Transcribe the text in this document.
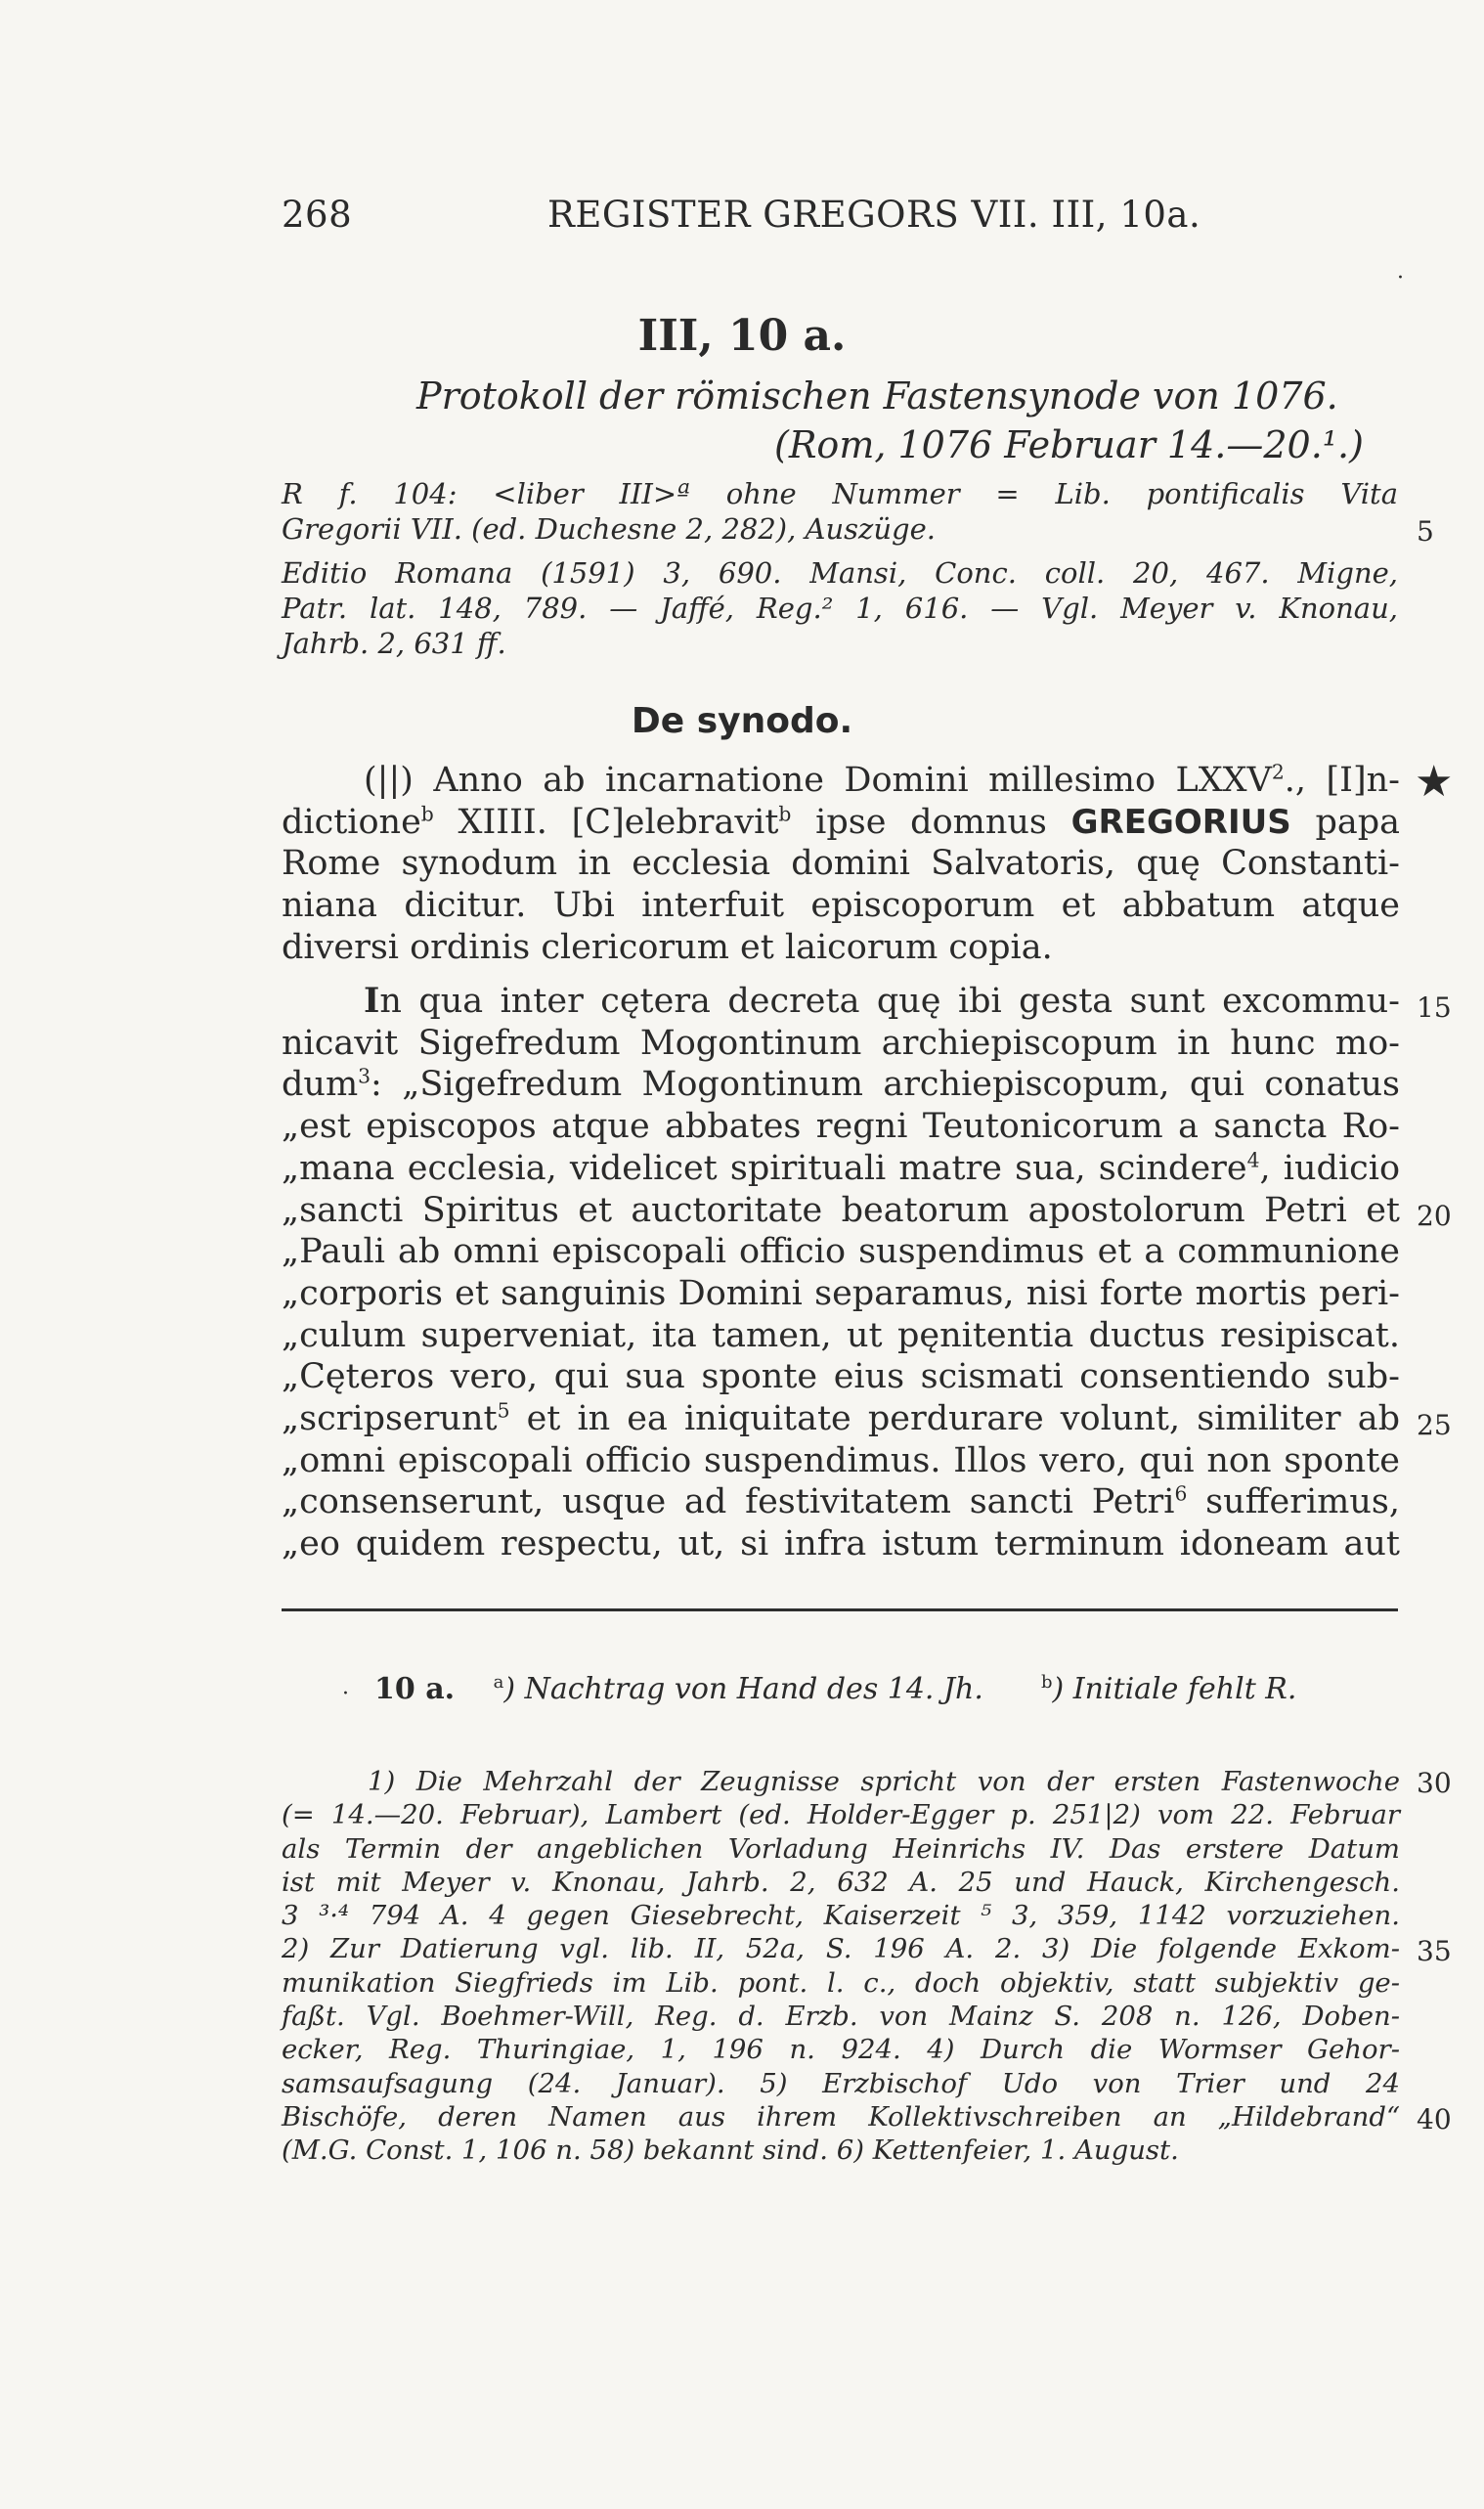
268	REGISTER GREGORS VII. III, 10a.
·
III, 10 a.
Protokoll der römischen Fastensynode von 1076.
(Rom, 1076 Februar 14.—20.¹.)
R f. 104: <liber III>ª ohne Nummer = Lib. pontificalis Vita
Gregorii VII. (ed. Duchesne 2, 282), Auszüge.
Editio Romana (1591) 3, 690. Mansi, Conc. coll. 20, 467. Migne,
Patr. lat. 148, 789. — Jaffé, Reg.² 1, 616. — Vgl. Meyer v. Knonau,
Jahrb. 2, 631 ff.
De synodo.
(||) Anno ab incarnatione Domini millesimo LXXV$^2$., [I]n-
dictione$^b$ XIIII. [C]elebravit$^b$ ipse domnus GREGORIUS papa
Rome synodum in ecclesia domini Salvatoris, quę Constanti-
niana dicitur. Ubi interfuit episcoporum et abbatum atque
diversi ordinis clericorum et laicorum copia.
In qua inter cętera decreta quę ibi gesta sunt excommu-
nicavit Sigefredum Mogontinum archiepiscopum in hunc mo-
dum$^3$: „Sigefredum Mogontinum archiepiscopum, qui conatus
„est episcopos atque abbates regni Teutonicorum a sancta Ro-
„mana ecclesia, videlicet spirituali matre sua, scindere$^4$, iudicio
„sancti Spiritus et auctoritate beatorum apostolorum Petri et
„Pauli ab omni episcopali officio suspendimus et a communione
„corporis et sanguinis Domini separamus, nisi forte mortis peri-
„culum superveniat, ita tamen, ut pęnitentia ductus resipiscat.
„Cęteros vero, qui sua sponte eius scismati consentiendo sub-
„scripserunt$^5$ et in ea iniquitate perdurare volunt, similiter ab
„omni episcopali officio suspendimus. Illos vero, qui non sponte
„consenserunt, usque ad festivitatem sancti Petri$^6$ sufferimus,
„eo quidem respectu, ut, si infra istum terminum idoneam aut
★
5
15
20
25
· 10 a. $^a$) Nachtrag von Hand des 14. Jh.	$^b$) Initiale fehlt R.
1) Die Mehrzahl der Zeugnisse spricht von der ersten Fastenwoche
(= 14.—20. Februar), Lambert (ed. Holder-Egger p. 251|2) vom 22. Februar
als Termin der angeblichen Vorladung Heinrichs IV. Das erstere Datum
ist mit Meyer v. Knonau, Jahrb. 2, 632 A. 25 und Hauck, Kirchengesch.
3 ³·⁴ 794 A. 4 gegen Giesebrecht, Kaiserzeit ⁵ 3, 359, 1142 vorzuziehen.
2) Zur Datierung vgl. lib. II, 52a, S. 196 A. 2. 3) Die folgende Exkom-
munikation Siegfrieds im Lib. pont. l. c., doch objektiv, statt subjektiv ge-
faßt. Vgl. Boehmer-Will, Reg. d. Erzb. von Mainz S. 208 n. 126, Doben-
ecker, Reg. Thuringiae, 1, 196 n. 924. 4) Durch die Wormser Gehor-
samsaufsagung (24. Januar). 5) Erzbischof Udo von Trier und 24
Bischöfe, deren Namen aus ihrem Kollektivschreiben an „Hildebrand“
(M.G. Const. 1, 106 n. 58) bekannt sind. 6) Kettenfeier, 1. August.
30
35
40
